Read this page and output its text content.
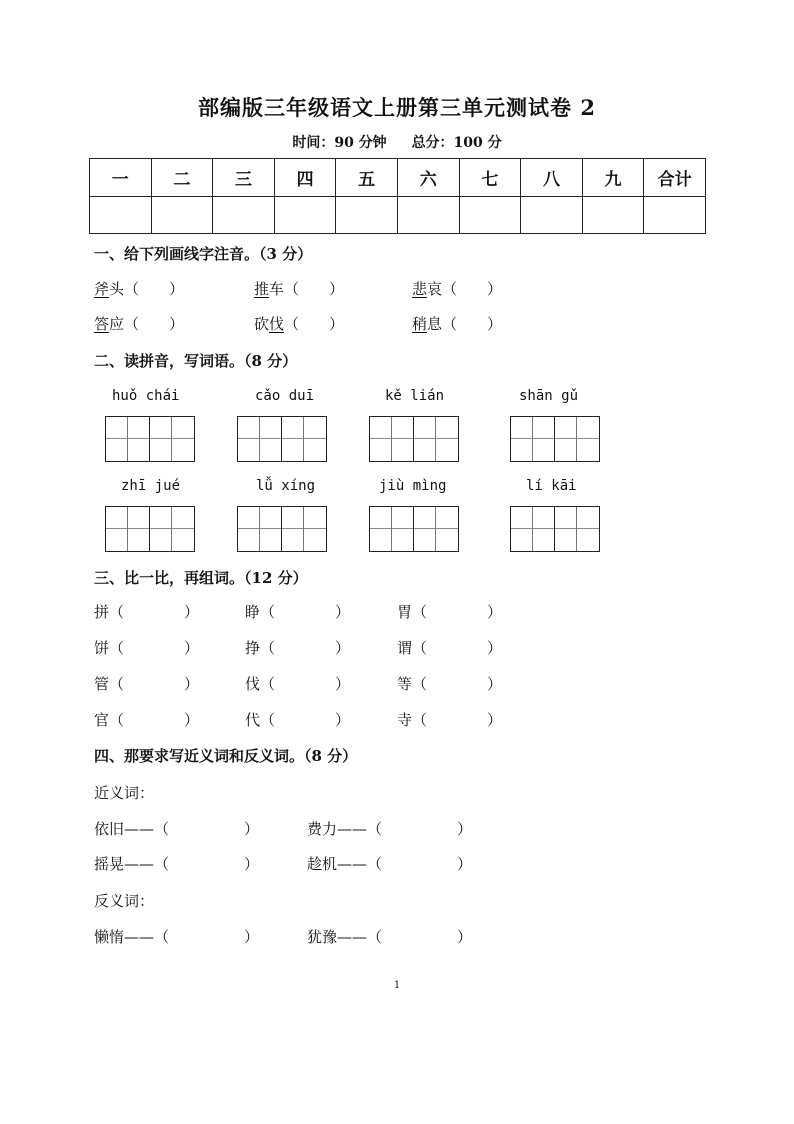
部编版三年级语文上册第三单元测试卷 2
时间：90 分钟 总分：100 分
一	二	三	四	五	六	七	八	九	合计

一、给下列画线字注音。（3 分）
斧头（　　）	推车（　　）	悲哀（　　）
答应（　　）	砍伐（　　）	稍息（　　）
二、读拼音，写词语。（8 分）
huǒ chái	cǎo duī	kě lián	shān gǔ
zhī jué	lǚ xíng	jiù mìng	lí kāi
三、比一比，再组词。（12 分）
拼（　　　　）	睁（　　　　）	胃（　　　　）
饼（　　　　）	挣（　　　　）	谓（　　　　）
管（　　　　）	伐（　　　　）	等（　　　　）
官（　　　　）	代（　　　　）	寺（　　　　）
四、那要求写近义词和反义词。（8 分）
近义词：
依旧——（　　　　　）	费力——（　　　　　）
摇晃——（　　　　　）	趁机——（　　　　　）
反义词：
懒惰——（　　　　　）	犹豫——（　　　　　）
1
